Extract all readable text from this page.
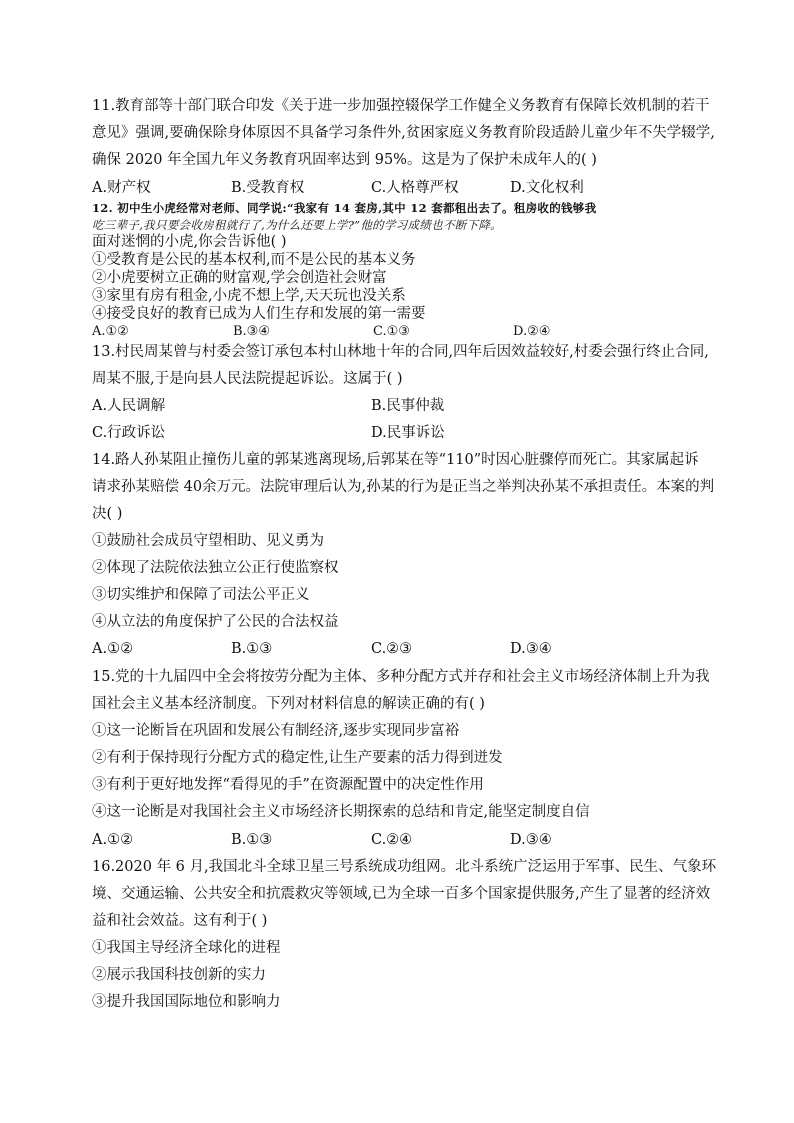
11.教育部等十部门联合印发《关于进一步加强控辍保学工作健全义务教育有保障长效机制的若干
意见》强调,要确保除身体原因不具备学习条件外,贫困家庭义务教育阶段适龄儿童少年不失学辍学,
确保 2020 年全国九年义务教育巩固率达到 95%。这是为了保护未成年人的( )
A.财产权	B.受教育权	C.人格尊严权	D.文化权利
12. 初中生小虎经常对老师、同学说:“我家有 14 套房,其中 12 套都租出去了。租房收的钱够我
吃三辈子,我只要会收房租就行了,为什么还要上学?”他的学习成绩也不断下降。
面对迷惘的小虎,你会告诉他( )
①受教育是公民的基本权利,而不是公民的基本义务
②小虎要树立正确的财富观,学会创造社会财富
③家里有房有租金,小虎不想上学,天天玩也没关系
④接受良好的教育已成为人们生存和发展的第一需要
A.①②	B.③④	C.①③	D.②④
13.村民周某曾与村委会签订承包本村山林地十年的合同,四年后因效益较好,村委会强行终止合同,
周某不服,于是向县人民法院提起诉讼。这属于( )
A.人民调解	B.民事仲裁
C.行政诉讼	D.民事诉讼
14.路人孙某阻止撞伤儿童的郭某逃离现场,后郭某在等“110”时因心脏骤停而死亡。其家属起诉
请求孙某赔偿 40余万元。法院审理后认为,孙某的行为是正当之举判决孙某不承担责任。本案的判
决( )
①鼓励社会成员守望相助、见义勇为
②体现了法院依法独立公正行使监察权
③切实维护和保障了司法公平正义
④从立法的角度保护了公民的合法权益
A.①②	B.①③	C.②③	D.③④
15.党的十九届四中全会将按劳分配为主体、多种分配方式并存和社会主义市场经济体制上升为我
国社会主义基本经济制度。下列对材料信息的解读正确的有( )
①这一论断旨在巩固和发展公有制经济,逐步实现同步富裕
②有利于保持现行分配方式的稳定性,让生产要素的活力得到迸发
③有利于更好地发挥“看得见的手”在资源配置中的决定性作用
④这一论断是对我国社会主义市场经济长期探索的总结和肯定,能坚定制度自信
A.①②	B.①③	C.②④	D.③④
16.2020 年 6 月,我国北斗全球卫星三号系统成功组网。北斗系统广泛运用于军事、民生、气象环
境、交通运输、公共安全和抗震救灾等领域,已为全球一百多个国家提供服务,产生了显著的经济效
益和社会效益。这有利于( )
①我国主导经济全球化的进程
②展示我国科技创新的实力
③提升我国国际地位和影响力
